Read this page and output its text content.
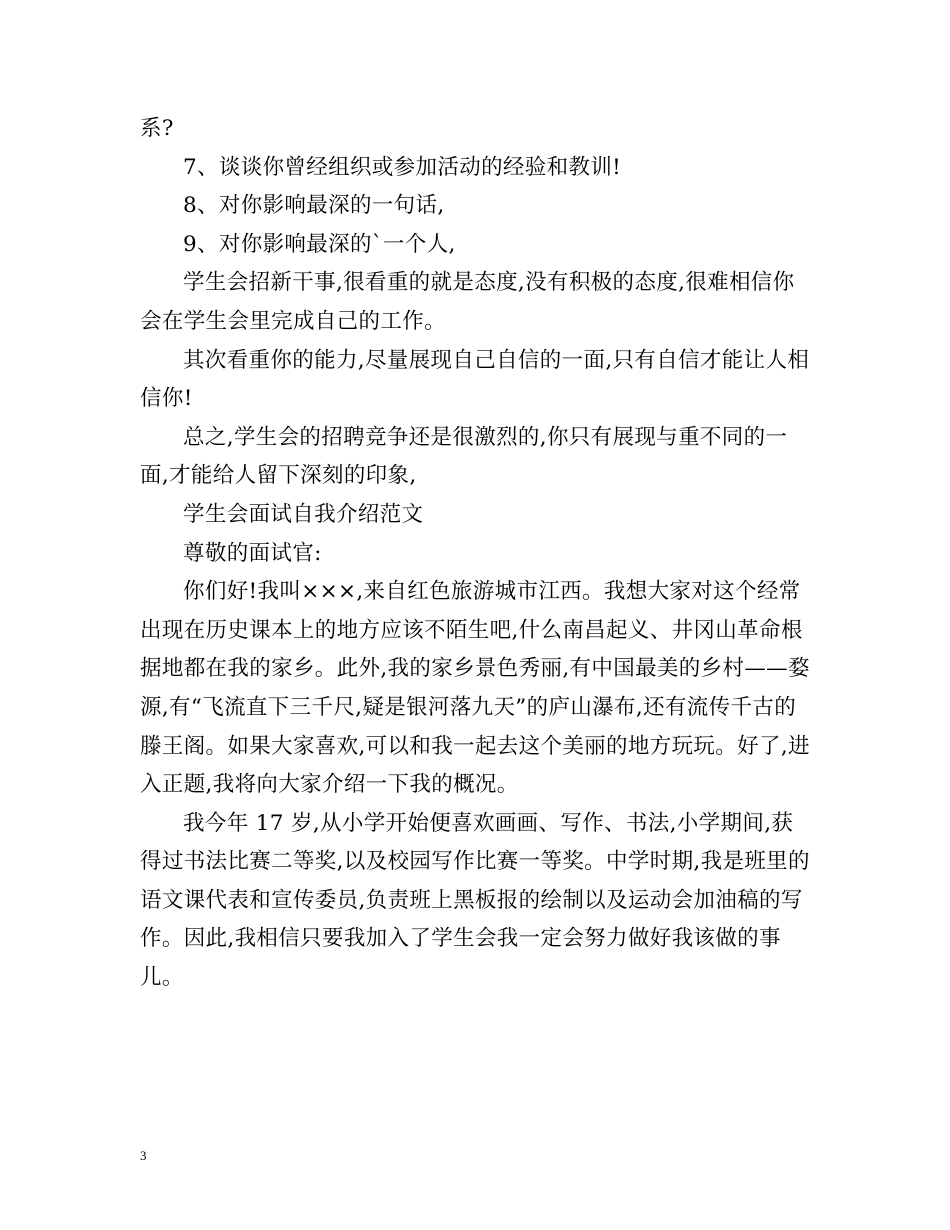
系?

7、谈谈你曾经组织或参加活动的经验和教训!

8、对你影响最深的一句话,

9、对你影响最深的`一个人,

学生会招新干事,很看重的就是态度,没有积极的态度,很难相信你会在学生会里完成自己的工作。

其次看重你的能力,尽量展现自己自信的一面,只有自信才能让人相信你!

总之,学生会的招聘竞争还是很激烈的,你只有展现与重不同的一面,才能给人留下深刻的印象,

学生会面试自我介绍范文

尊敬的面试官:

你们好!我叫×××,来自红色旅游城市江西。我想大家对这个经常出现在历史课本上的地方应该不陌生吧,什么南昌起义、井冈山革命根据地都在我的家乡。此外,我的家乡景色秀丽,有中国最美的乡村——婺源,有“飞流直下三千尺,疑是银河落九天”的庐山瀑布,还有流传千古的滕王阁。如果大家喜欢,可以和我一起去这个美丽的地方玩玩。好了,进入正题,我将向大家介绍一下我的概况。

我今年 17 岁,从小学开始便喜欢画画、写作、书法,小学期间,获得过书法比赛二等奖,以及校园写作比赛一等奖。中学时期,我是班里的语文课代表和宣传委员,负责班上黑板报的绘制以及运动会加油稿的写作。因此,我相信只要我加入了学生会我一定会努力做好我该做的事儿。

3
